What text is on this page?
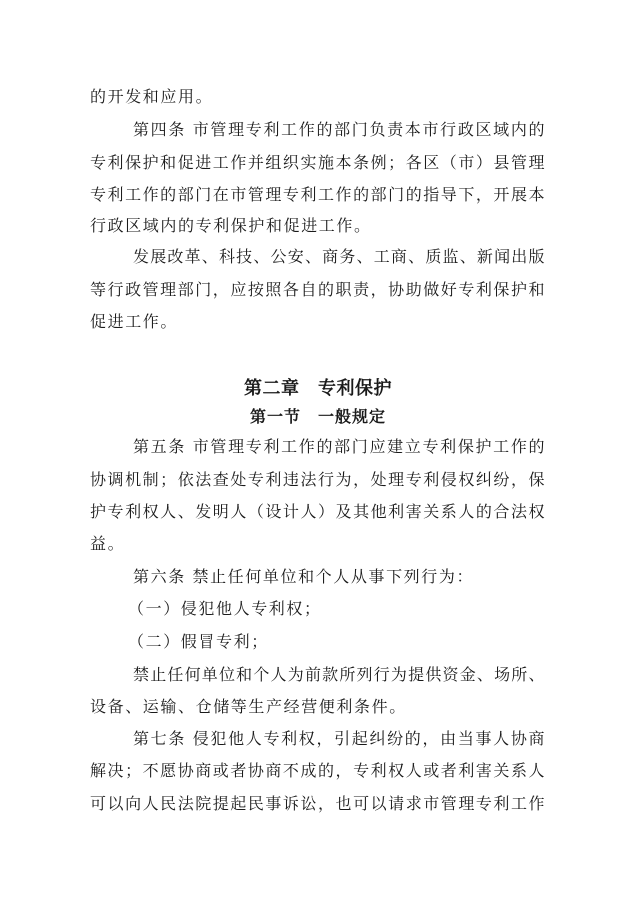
的开发和应用。
第四条 市管理专利工作的部门负责本市行政区域内的
专利保护和促进工作并组织实施本条例；各区（市）县管理
专利工作的部门在市管理专利工作的部门的指导下，开展本
行政区域内的专利保护和促进工作。
发展改革、科技、公安、商务、工商、质监、新闻出版
等行政管理部门，应按照各自的职责，协助做好专利保护和
促进工作。
第二章　专利保护
第一节　一般规定
第五条 市管理专利工作的部门应建立专利保护工作的
协调机制；依法查处专利违法行为，处理专利侵权纠纷，保
护专利权人、发明人（设计人）及其他利害关系人的合法权
益。
第六条 禁止任何单位和个人从事下列行为：
（一）侵犯他人专利权；
（二）假冒专利；
禁止任何单位和个人为前款所列行为提供资金、场所、
设备、运输、仓储等生产经营便利条件。
第七条 侵犯他人专利权，引起纠纷的，由当事人协商
解决；不愿协商或者协商不成的，专利权人或者利害关系人
可以向人民法院提起民事诉讼，也可以请求市管理专利工作
